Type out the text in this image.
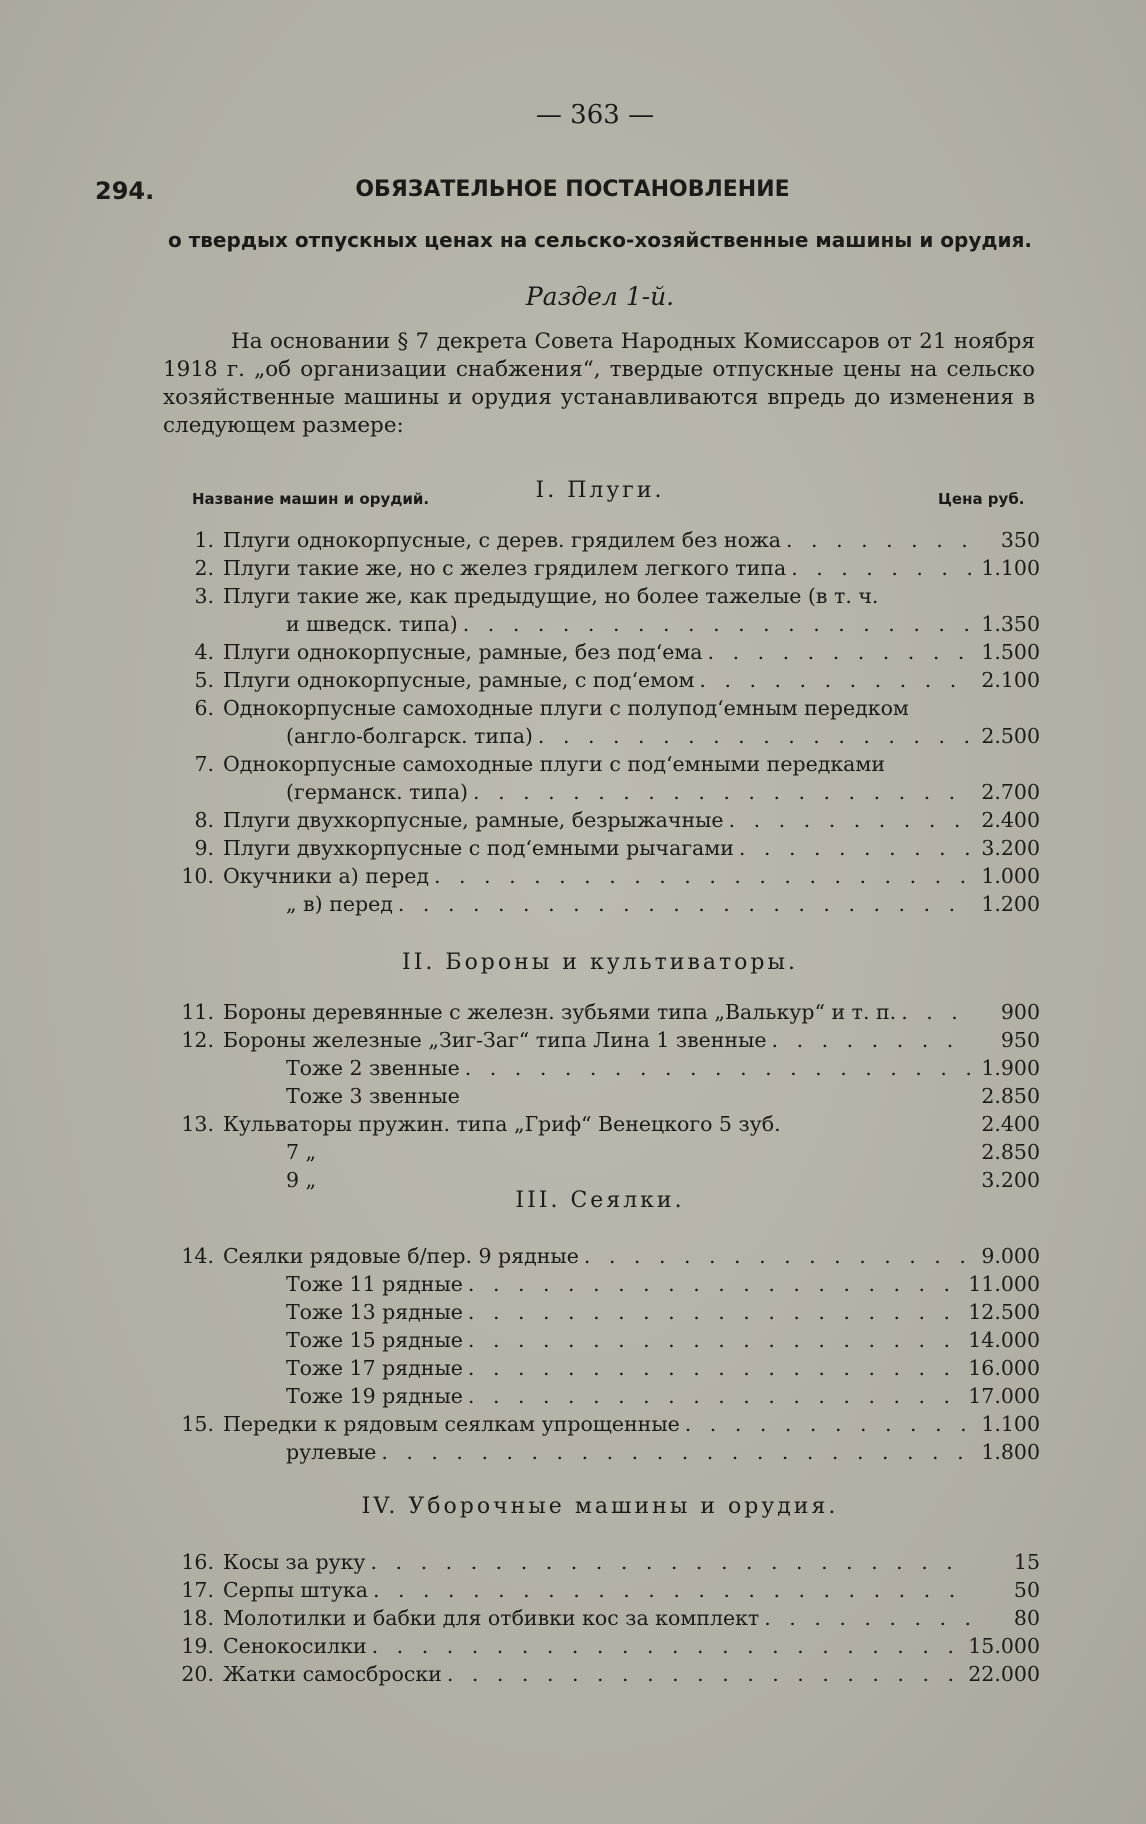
— 363 —
294.	ОБЯЗАТЕЛЬНОЕ ПОСТАНОВЛЕНИЕ
о твердых отпускных ценах на сельско-хозяйственные машины и орудия.
Раздел 1-й.
На основании § 7 декрета Совета Народных Комиссаров от 21 ноября 1918 г. „об организации снабжения“, твердые отпускные цены на сельско хозяйственные машины и орудия устанавливаются впредь до изменения в следующем размере:
Название машин и орудий.	Цена руб.
I. Плуги.
1. Плуги однокорпусные, с дерев. грядилем без ножа . . .	350
2. Плуги такие же, но с желез грядилем легкого типа . . .	1.100
3. Плуги такие же, как предыдущие, но более тажелые (в т. ч.
и шведск. типа) . . .	1.350
4. Плуги однокорпусные, рамные, без под‘ема . . .	1.500
5. Плуги однокорпусные, рамные, с под‘емом . . .	2.100
6. Однокорпусные самоходные плуги с полупод‘емным передком
(англо-болгарск. типа) . . .	2.500
7. Однокорпусные самоходные плуги с под‘емными передками
(германск. типа) . . .	2.700
8. Плуги двухкорпусные, рамные, безрыжачные . . .	2.400
9. Плуги двухкорпусные с под‘емными рычагами . . .	3.200
10. Окучники а) перед . . .	1.000
„ в) перед . . .	1.200
II. Бороны и культиваторы.
11. Бороны деревянные с железн. зубьями типа „Валькур“ и т. п. . . .	900
12. Бороны железные „Зиг-Заг“ типа Лина 1 звенные . . .	950
Тоже 2 звенные . . .	1.900
Тоже 3 звенные	2.850
13. Кульваторы пружин. типа „Гриф“ Венецкого 5 зуб.	2.400
7 „	2.850
9 „	3.200
III. Сеялки.
14. Сеялки рядовые б/пер. 9 рядные . . .	9.000
Тоже 11 рядные . . .	11.000
Тоже 13 рядные . . .	12.500
Тоже 15 рядные . . .	14.000
Тоже 17 рядные . . .	16.000
Тоже 19 рядные . . .	17.000
15. Передки к рядовым сеялкам упрощенные . . .	1.100
рулевые . . .	1.800
IV. Уборочные машины и орудия.
16. Косы за руку . . .	15
17. Серпы штука . . .	50
18. Молотилки и бабки для отбивки кос за комплект . . .	80
19. Сенокосилки . . .	15.000
20. Жатки самосброски . . .	22.000
